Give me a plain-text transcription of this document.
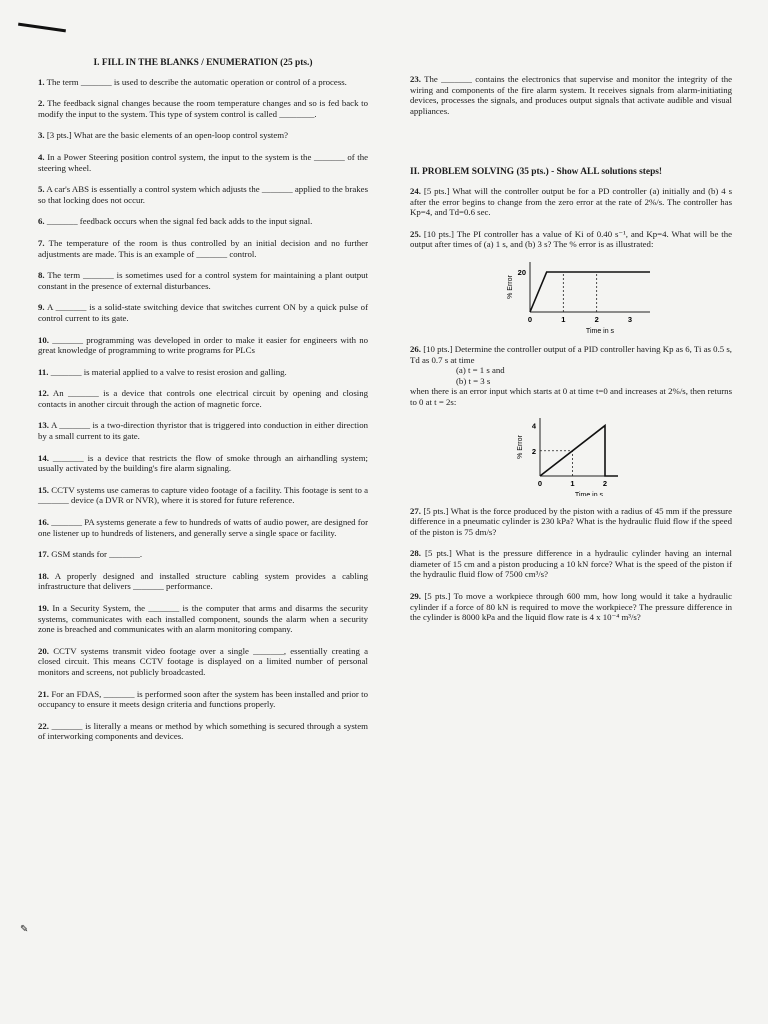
I. FILL IN THE BLANKS / ENUMERATION (25 pts.)
1. The term _______ is used to describe the automatic operation or control of a process.
2. The feedback signal changes because the room temperature changes and so is fed back to modify the input to the system. This type of system control is called ________.
3. [3 pts.] What are the basic elements of an open-loop control system?
4. In a Power Steering position control system, the input to the system is the _______ of the steering wheel.
5. A car's ABS is essentially a control system which adjusts the _______ applied to the brakes so that locking does not occur.
6. _______ feedback occurs when the signal fed back adds to the input signal.
7. The temperature of the room is thus controlled by an initial decision and no further adjustments are made. This is an example of _______ control.
8. The term _______ is sometimes used for a control system for maintaining a plant output constant in the presence of external disturbances.
9. A _______ is a solid-state switching device that switches current ON by a quick pulse of control current to its gate.
10. _______ programming was developed in order to make it easier for engineers with no great knowledge of programming to write programs for PLCs
11. _______ is material applied to a valve to resist erosion and galling.
12. An _______ is a device that controls one electrical circuit by opening and closing contacts in another circuit through the action of magnetic force.
13. A _______ is a two-direction thyristor that is triggered into conduction in either direction by a small current to its gate.
14. _______ is a device that restricts the flow of smoke through an airhandling system; usually activated by the building's fire alarm signaling.
15. CCTV systems use cameras to capture video footage of a facility. This footage is sent to a _______ device (a DVR or NVR), where it is stored for future reference.
16. _______ PA systems generate a few to hundreds of watts of audio power, are designed for one listener up to hundreds of listeners, and generally serve a single space or facility.
17. GSM stands for _______.
18. A properly designed and installed structure cabling system provides a cabling infrastructure that delivers _______ performance.
19. In a Security System, the _______ is the computer that arms and disarms the security systems, communicates with each installed component, sounds the alarm when a security zone is breached and communicates with an alarm monitoring company.
20. CCTV systems transmit video footage over a single _______, essentially creating a closed circuit. This means CCTV footage is displayed on a limited number of personal monitors and screens, not publicly broadcasted.
21. For an FDAS, _______ is performed soon after the system has been installed and prior to occupancy to ensure it meets design criteria and functions properly.
22. _______ is literally a means or method by which something is secured through a system of interworking components and devices.
✎
23. The _______ contains the electronics that supervise and monitor the integrity of the wiring and components of the fire alarm system. It receives signals from alarm-initiating devices, processes the signals, and produces output signals that activate audible and visual appliances.
II. PROBLEM SOLVING (35 pts.) - Show ALL solutions steps!
24. [5 pts.] What will the controller output be for a PD controller (a) initially and (b) 4 s after the error begins to change from the zero error at the rate of 2%/s. The controller has Kp=4, and Td=0.6 sec.
25. [10 pts.] The PI controller has a value of Ki of 0.40 s⁻¹, and Kp=4. What will be the output after times of (a) 1 s, and (b) 3 s? The % error is as illustrated:
0	1	2	3
20
Time in s
% Error
26. [10 pts.] Determine the controller output of a PID controller having Kp as 6, Ti as 0.5 s, Td as 0.7 s at time
(a) t = 1 s and
(b) t = 3 s
when there is an error input which starts at 0 at time t=0 and increases at 2%/s, then returns to 0 at t = 2s:
0	1	2
2
4
Time in s
% Error
27. [5 pts.] What is the force produced by the piston with a radius of 45 mm if the pressure difference in a pneumatic cylinder is 230 kPa? What is the hydraulic fluid flow if the speed of the piston is 75 dm/s?
28. [5 pts.] What is the pressure difference in a hydraulic cylinder having an internal diameter of 15 cm and a piston producing a 10 kN force? What is the speed of the piston if the hydraulic fluid flow of 7500 cm³/s?
29. [5 pts.] To move a workpiece through 600 mm, how long would it take a hydraulic cylinder if a force of 80 kN is required to move the workpiece? The pressure difference in the cylinder is 8000 kPa and the liquid flow rate is 4 x 10⁻⁴ m³/s?
